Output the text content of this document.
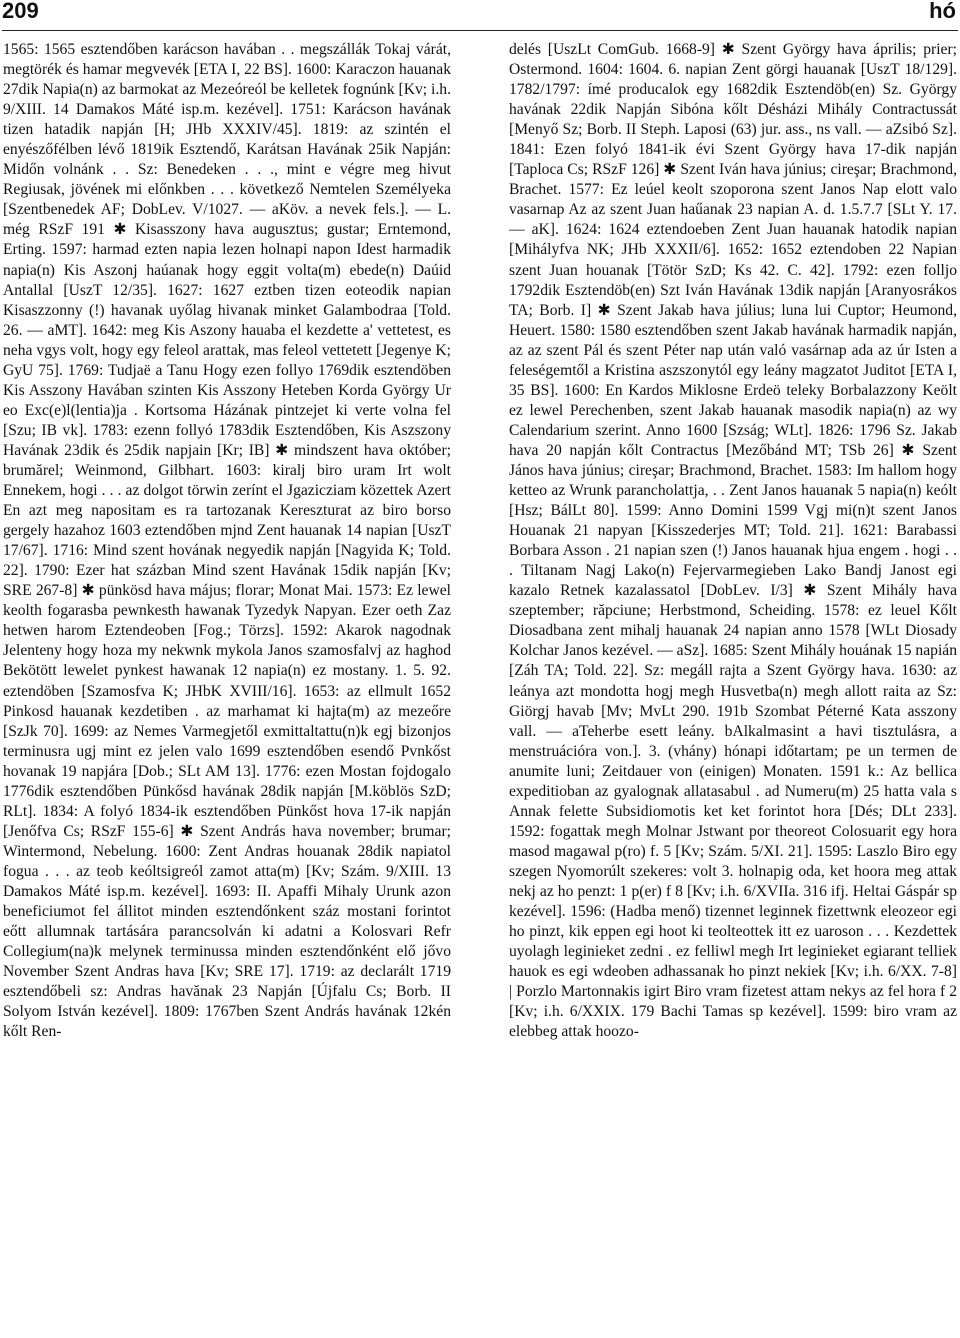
209	hó

1565: 1565 esztendőben karácson havában . . megszállák Tokaj várát, megtörék és hamar megvevék [ETA I, 22 BS]. 1600: Karaczon hauanak 27dik Napia(n) az barmokat az Mezeóreól be kelletek fognúnk [Kv; i.h. 9/XIII. 14 Damakos Máté isp.m. kezével]. 1751: Karácson havának tizen hatadik napján [H; JHb XXXIV/45]. 1819: az szintén el enyészőfélben lévő 1819ik Esztendő, Karátsan Havának 25ik Napján: Midőn volnánk . . Sz: Benedeken . . ., mint e végre meg hivut Regiusak, jövének mi előnkben . . . következő Nemtelen Személyeka [Szentbenedek AF; DobLev. V/1027. — aKöv. a nevek fels.]. — L. még RSzF 191 ✱ Kisasszony hava augusztus; gustar; Erntemond, Erting. 1597: harmad ezten napia lezen holnapi napon Idest harmadik napia(n) Kis Aszonj haúanak hogy eggit volta(m) ebede(n) Daúid Antallal [UszT 12/35]. 1627: 1627 eztben tizen eoteodik napian Kisaszzonny (!) havanak uyőlag hivanak minket Galambodraa [Told. 26. — aMT]. 1642: meg Kis Aszony hauaba el kezdette a' vettetest, es neha vgys volt, hogy egy feleol arattak, mas feleol vettetett [Jegenye K; GyU 75]. 1769: Tudjaë a Tanu Hogy ezen follyo 1769dik esztendöben Kis Asszony Havában szinten Kis Asszony Heteben Korda György Ur eo Exc(e)l(lentia)ja . Kortsoma Házának pintzejet ki verte volna fel [Szu; IB vk]. 1783: ezenn follyó 1783dik Esztendőben, Kis Aszszony Havának 23dik és 25dik napjain [Kr; IB] ✱ mindszent hava október; brumărel; Weinmond, Gilbhart. 1603: kiralj biro uram Irt wolt Ennekem, hogi . . . az dolgot törwin zerínt el Jgazicziam közettek Azert En azt meg napositam es ra tartozanak Kereszturat az biro borso gergely hazahoz 1603 eztendőben mjnd Zent hauanak 14 napian [UszT 17/67]. 1716: Mind szent hovának negyedik napján [Nagyida K; Told. 22]. 1790: Ezer hat százban Mind szent Havának 15dik napján [Kv; SRE 267-8] ✱ pünkösd hava május; florar; Monat Mai. 1573: Ez lewel keolth fogarasba pewnkesth hawanak Tyzedyk Napyan. Ezer oeth Zaz hetwen harom Eztendeoben [Fog.; Törzs]. 1592: Akarok nagodnak Jelenteny hogy hoza my nekwnk mykola Janos szamosfalvj az haghod Bekötött lewelet pynkest hawanak 12 napia(n) ez mostany. 1. 5. 92. eztendöben [Szamosfva K; JHbK XVIII/16]. 1653: az ellmult 1652 Pinkosd hauanak kezdetiben . az marhamat ki hajta(m) az mezeőre [SzJk 70]. 1699: az Nemes Varmegjetől exmittaltattu(n)k egj bizonjos terminusra ugj mint ez jelen valo 1699 esztendőben esendő Pvnkőst hovanak 19 napjára [Dob.; SLt AM 13]. 1776: ezen Mostan fojdogalo 1776dik esztendőben Pünkősd havának 28dik napján [M.köblös SzD; RLt]. 1834: A folyó 1834-ik esztendőben Pünkőst hova 17-ik napján [Jenőfva Cs; RSzF 155-6] ✱ Szent András hava november; brumar; Wintermond, Nebelung. 1600: Zent Andras houanak 28dik napiatol fogua . . . az teob keóltsigreól zamot atta(m) [Kv; Szám. 9/XIII. 13 Damakos Máté isp.m. kezével]. 1693: II. Apaffi Mihaly Urunk azon beneficiumot fel állitot minden esztendőnkent száz mostani forintot eőtt allumnak tartására parancsolván ki adatni a Kolosvari Refr Collegium(na)k melynek terminussa minden esztendőnként elő jővo November Szent Andras hava [Kv; SRE 17]. 1719: az declarált 1719 esztendőbeli sz: Andras havănak 23 Napján [Újfalu Cs; Borb. II Solyom István kezével]. 1809: 1767ben Szent András havának 12kén kőlt Ren-

delés [UszLt ComGub. 1668-9] ✱ Szent György hava április; prier; Ostermond. 1604: 1604. 6. napian Zent görgi hauanak [UszT 18/129]. 1782/1797: ímé producalok egy 1682dik Esztendöb(en) Sz. György havának 22dik Napján Sibóna kőlt Désházi Mihály Contractussát [Menyő Sz; Borb. II Steph. Laposi (63) jur. ass., ns vall. — aZsibó Sz]. 1841: Ezen folyó 1841-ik évi Szent György hava 17-dik napján [Taploca Cs; RSzF 126] ✱ Szent Iván hava június; cireşar; Brachmond, Brachet. 1577: Ez leúel keolt szoporona szent Janos Nap elott valo vasarnap Az az szent Juan haűanak 23 napian A. d. 1.5.7.7 [SLt Y. 17. — aK]. 1624: 1624 eztendoeben Zent Juan hauanak hatodik napian [Mihályfva NK; JHb XXXII/6]. 1652: 1652 eztendoben 22 Napian szent Juan houanak [Tötör SzD; Ks 42. C. 42]. 1792: ezen folljo 1792dik Esztendöb(en) Szt Iván Havának 13dik napján [Aranyosrákos TA; Borb. I] ✱ Szent Jakab hava július; luna lui Cuptor; Heumond, Heuert. 1580: 1580 esztendőben szent Jakab havának harmadik napján, az az szent Pál és szent Péter nap után való vasárnap ada az úr Isten a feleségemtől a Kristina aszszonytól egy leány magzatot Juditot [ETA I, 35 BS]. 1600: En Kardos Miklosne Erdeö teleky Borbalazzony Keölt ez lewel Perechenben, szent Jakab hauanak masodik napia(n) az wy Calendarium szerint. Anno 1600 [Szság; WLt]. 1826: 1796 Sz. Jakab hava 20 napján kőlt Contractus [Mezőbánd MT; TSb 26] ✱ Szent János hava június; cireşar; Brachmond, Brachet. 1583: Im hallom hogy ketteo az Wrunk parancholattja, . . Zent Janos hauanak 5 napia(n) keólt [Hsz; BálLt 80]. 1599: Anno Domini 1599 Vgj mi(n)t szent Janos Houanak 21 napyan [Kisszederjes MT; Told. 21]. 1621: Barabassi Borbara Asson . 21 napian szen (!) Janos hauanak hjua engem . hogi . . . Tiltanam Nagj Lako(n) Fejervarmegieben Lako Bandj Janost egi kazalo Retnek kazalassatol [DobLev. I/3] ✱ Szent Mihály hava szeptember; răpciune; Herbstmond, Scheiding. 1578: ez leuel Kőlt Diosadbana zent mihalj hauanak 24 napian anno 1578 [WLt Diosady Kolchar Janos kezével. — aSz]. 1685: Szent Mihály houának 15 napián [Záh TA; Told. 22]. Sz: megáll rajta a Szent György hava. 1630: az leánya azt mondotta hogj megh Husvetba(n) megh allott raita az Sz: Giörgj havab [Mv; MvLt 290. 191b Szombat Péterné Kata asszony vall. — aTeherbe esett leány. bAlkalmasint a havi tisztulásra, a menstruációra von.]. 3. (vhány) hónapi időtartam; pe un termen de anumite luni; Zeitdauer von (einigen) Monaten. 1591 k.: Az bellica expeditioban az gyalognak allatasabul . ad Numeru(m) 25 hatta vala s Annak felette Subsidiomotis ket ket forintot hora [Dés; DLt 233]. 1592: fogattak megh Molnar Jstwant por theoreot Colosuarit egy hora masod magawal p(ro) f. 5 [Kv; Szám. 5/XI. 21]. 1595: Laszlo Biro egy szegen Nyomorúlt szekeres: volt 3. holnapig oda, ket hoora meg attak nekj az ho penzt: 1 p(er) f 8 [Kv; i.h. 6/XVIIa. 316 ifj. Heltai Gáspár sp kezével]. 1596: (Hadba menő) tizennet leginnek fizettwnk eleozeor egi ho pinzt, kik eppen egi hoot ki teolteottek itt ez uaroson . . . Kezdettek uyolagh leginieket zedni . ez felliwl megh Irt leginieket egiarant telliek hauok es egi wdeoben adhassanak ho pinzt nekiek [Kv; i.h. 6/XX. 7-8] | Porzlo Martonnakis igirt Biro vram fizetest attam nekys az fel hora f 2 [Kv; i.h. 6/XXIX. 179 Bachi Tamas sp kezével]. 1599: biro vram az elebbeg attak hoozo-
